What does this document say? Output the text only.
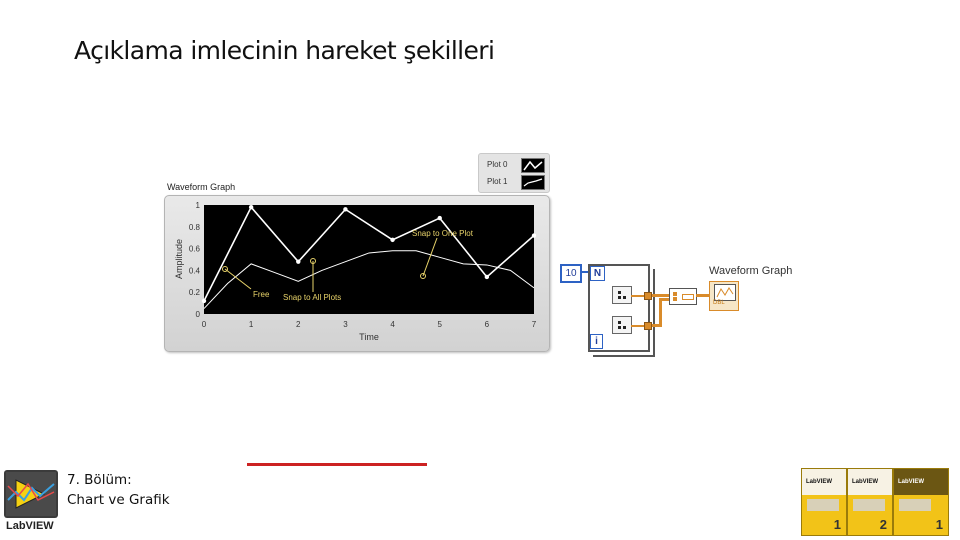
Açıklama imlecinin hareket şekilleri
Plot 0
Plot 1
Waveform Graph
Amplitude
Time
0	1	2	3	4	5	6	7
0
0.2
0.4
0.6
0.8
1
Free Snap to All Plots
Snap to One Plot
10	N
i
Waveform Graph
DBL
LabVIEW
7. Bölüm:
Chart ve Grafik
LabVIEW
1
LabVIEW
2
LabVIEW
1
